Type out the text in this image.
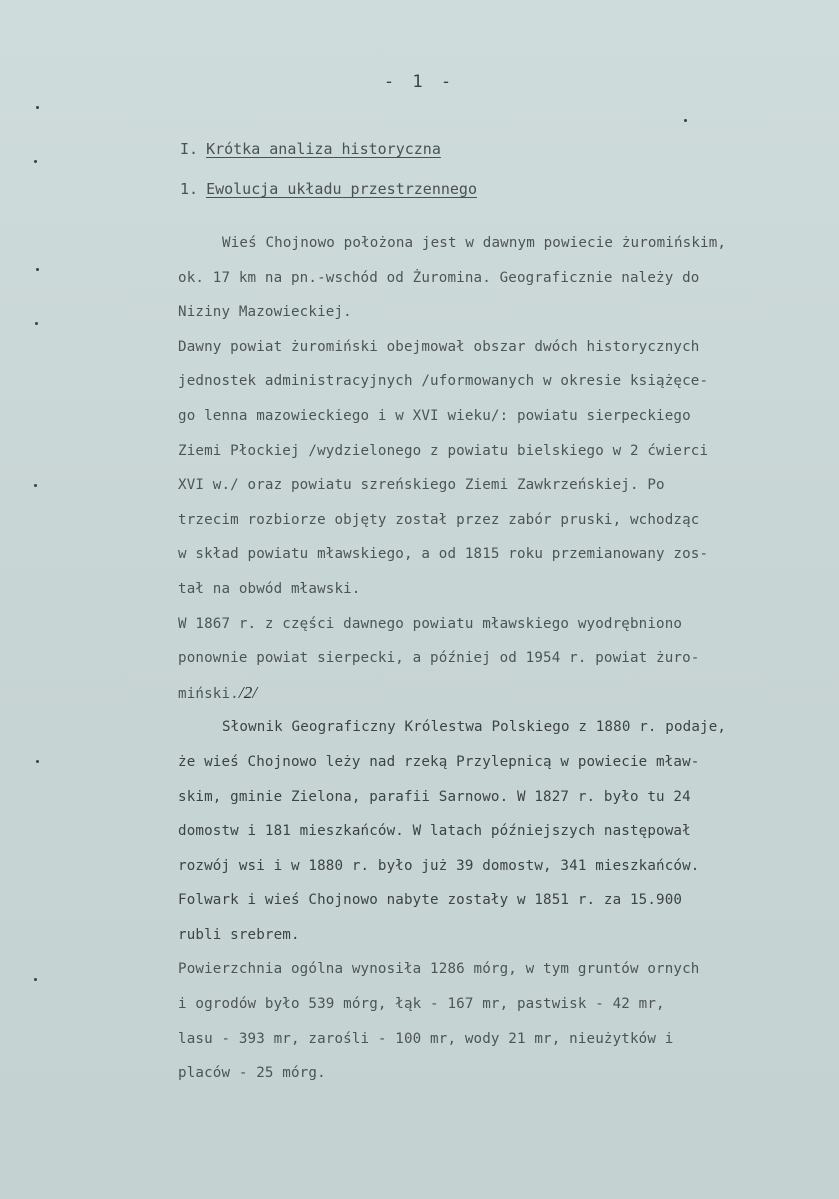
- 1 -
I. Krótka analiza historyczna
1. Ewolucja układu przestrzennego
Wieś Chojnowo położona jest w dawnym powiecie żuromińskim,
ok. 17 km na pn.-wschód od Żuromina. Geograficznie należy do
Niziny Mazowieckiej.
Dawny powiat żuromiński obejmował obszar dwóch historycznych
jednostek administracyjnych /uformowanych w okresie książęce-
go lenna mazowieckiego i w XVI wieku/: powiatu sierpeckiego
Ziemi Płockiej /wydzielonego z powiatu bielskiego w 2 ćwierci
XVI w./ oraz powiatu szreńskiego Ziemi Zawkrzeńskiej. Po
trzecim rozbiorze objęty został przez zabór pruski, wchodząc
w skład powiatu mławskiego, a od 1815 roku przemianowany zos-
tał na obwód mławski.
W 1867 r. z części dawnego powiatu mławskiego wyodrębniono
ponownie powiat sierpecki, a później od 1954 r. powiat żuro-
miński./2/
Słownik Geograficzny Królestwa Polskiego z 1880 r. podaje,
że wieś Chojnowo leży nad rzeką Przylepnicą w powiecie mław-
skim, gminie Zielona, parafii Sarnowo. W 1827 r. było tu 24
domostw i 181 mieszkańców. W latach późniejszych następował
rozwój wsi i w 1880 r. było już 39 domostw, 341 mieszkańców.
Folwark i wieś Chojnowo nabyte zostały w 1851 r. za 15.900
rubli srebrem.
Powierzchnia ogólna wynosiła 1286 mórg, w tym gruntów ornych
i ogrodów było 539 mórg, łąk - 167 mr, pastwisk - 42 mr,
lasu - 393 mr, zarośli - 100 mr, wody 21 mr, nieużytków i
placów - 25 mórg.
